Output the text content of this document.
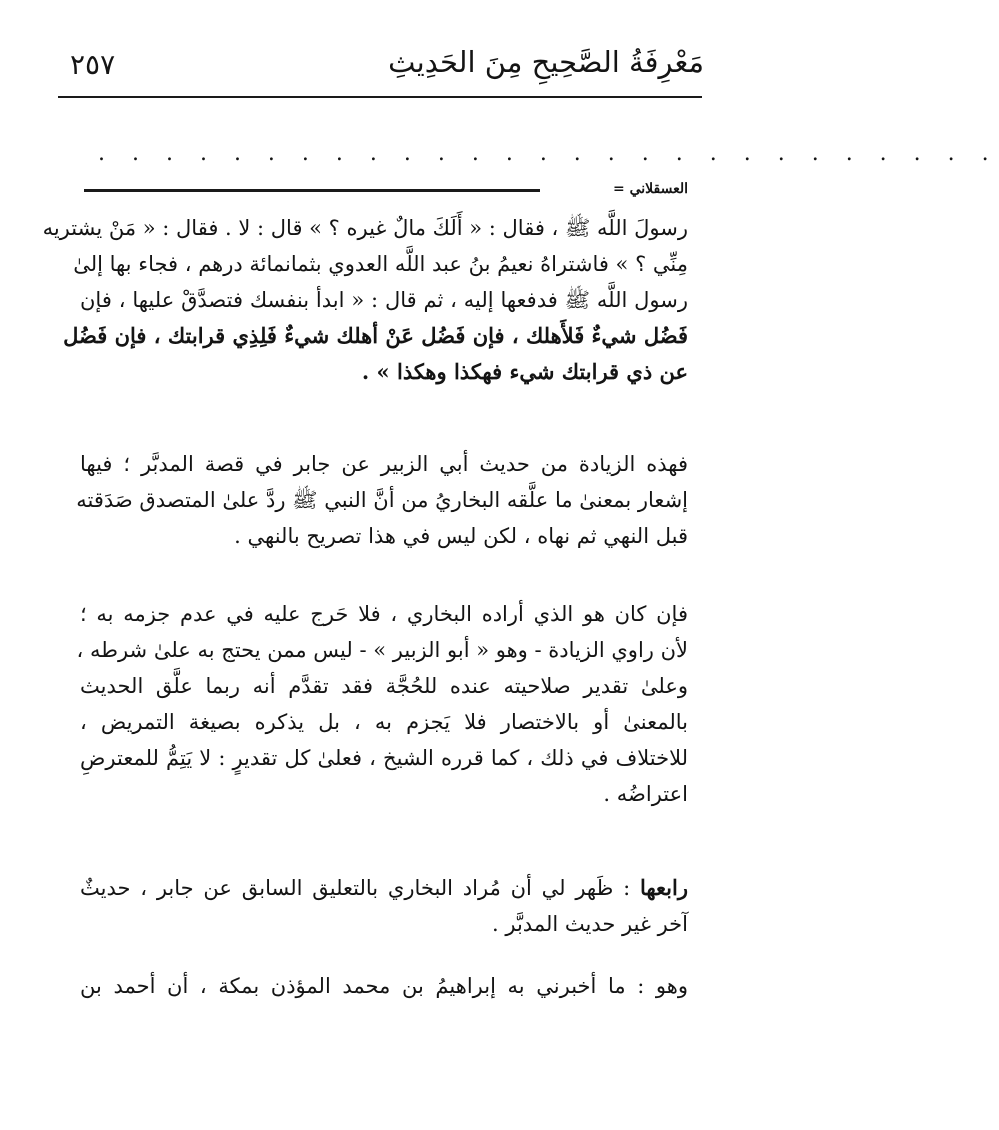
مَعْرِفَةُ الصَّحِيحِ مِنَ الحَدِيثِ
٢٥٧
. . . . . . . . . . . . . . . . . . . . . . . . . . .
العسقلاني =
رسولَ اللَّه ﷺ ، فقال : « أَلَكَ مالٌ غيره ؟ » قال : لا . فقال : « مَنْ يشتريه
مِنِّي ؟ » فاشتراهُ نعيمُ بنُ عبد اللَّه العدوي بثمانمائة درهم ، فجاء بها إلىٰ
رسول اللَّه ﷺ فدفعها إليه ، ثم قال : « ابدأ بنفسك فتصدَّقْ عليها ، فإن
فَضُل شيءٌ فَلأَهلك ، فإن فَضُل عَنْ أهلك شيءٌ فَلِذِي قرابتك ، فإن فَضُل
عن ذي قرابتك شيء فهكذا وهكذا » .
فهذه الزيادة من حديث أبي الزبير عن جابر في قصة المدبَّر ؛ فيها
إشعار بمعنىٰ ما علَّقه البخاريُ من أنَّ النبي ﷺ ردَّ علىٰ المتصدق صَدَقته
قبل النهي ثم نهاه ، لكن ليس في هذا تصريح بالنهي .
فإن كان هو الذي أراده البخاري ، فلا حَرج عليه في عدم جزمه به ؛
لأن راوي الزيادة - وهو « أبو الزبير » - ليس ممن يحتج به علىٰ شرطه ،
وعلىٰ تقدير صلاحيته عنده للحُجَّة فقد تقدَّم أنه ربما علَّق الحديث
بالمعنىٰ أو بالاختصار فلا يَجزم به ، بل يذكره بصيغة التمريض ،
للاختلاف في ذلك ، كما قرره الشيخ ، فعلىٰ كل تقديرٍ : لا يَتِمُّ للمعترضِ
اعتراضُه .
رابعها : ظَهر لي أن مُراد البخاري بالتعليق السابق عن جابر ، حديثٌ
آخر غير حديث المدبَّر .
وهو : ما أخبرني به إبراهيمُ بن محمد المؤذن بمكة ، أن أحمد بن
